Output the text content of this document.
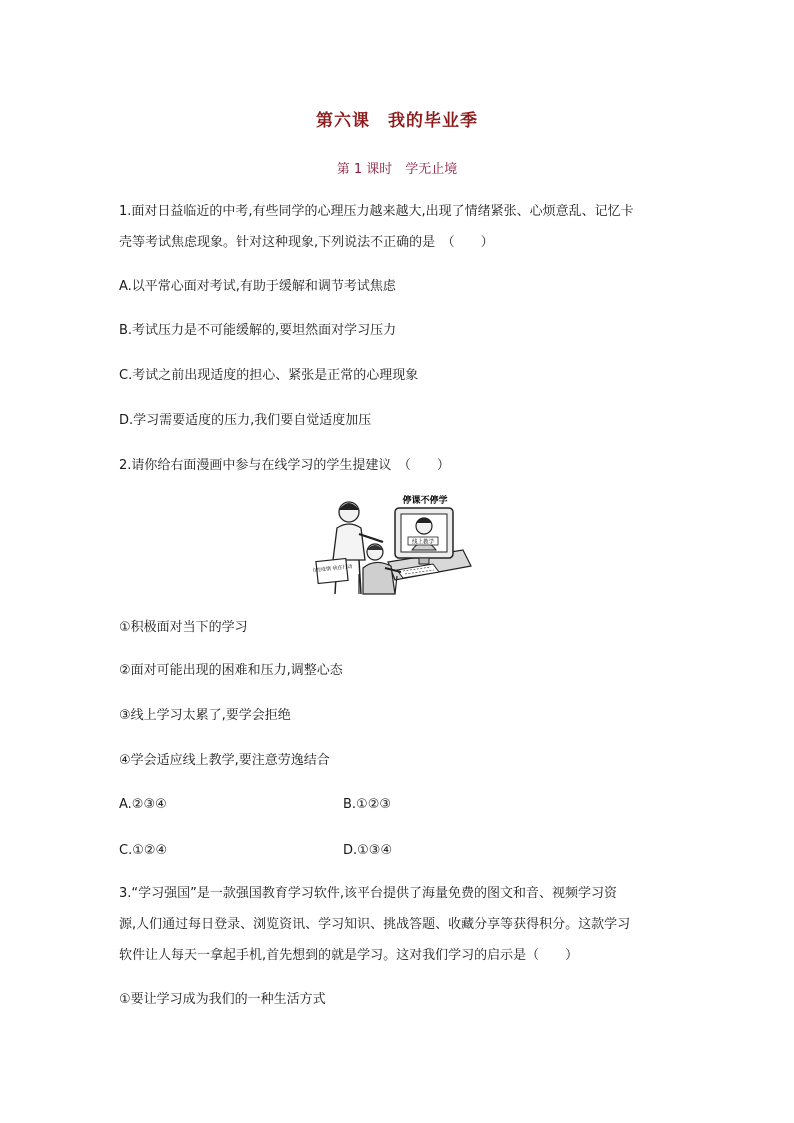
第六课　我的毕业季
第 1 课时　学无止境
1.面对日益临近的中考,有些同学的心理压力越来越大,出现了情绪紧张、心烦意乱、记忆卡
壳等考试焦虑现象。针对这种现象,下列说法不正确的是　（　　）
A.以平常心面对考试,有助于缓解和调节考试焦虑
B.考试压力是不可能缓解的,要坦然面对学习压力
C.考试之前出现适度的担心、紧张是正常的心理现象
D.学习需要适度的压力,我们要自觉适度加压
2.请你给右面漫画中参与在线学习的学生提建议　（　　）
停课不停学
线上教学
防控疫情 我在行动
①积极面对当下的学习
②面对可能出现的困难和压力,调整心态
③线上学习太累了,要学会拒绝
④学会适应线上教学,要注意劳逸结合
A.②③④	B.①②③
C.①②④	D.①③④
3.“学习强国”是一款强国教育学习软件,该平台提供了海量免费的图文和音、视频学习资
源,人们通过每日登录、浏览资讯、学习知识、挑战答题、收藏分享等获得积分。这款学习
软件让人每天一拿起手机,首先想到的就是学习。这对我们学习的启示是（　　）
①要让学习成为我们的一种生活方式
